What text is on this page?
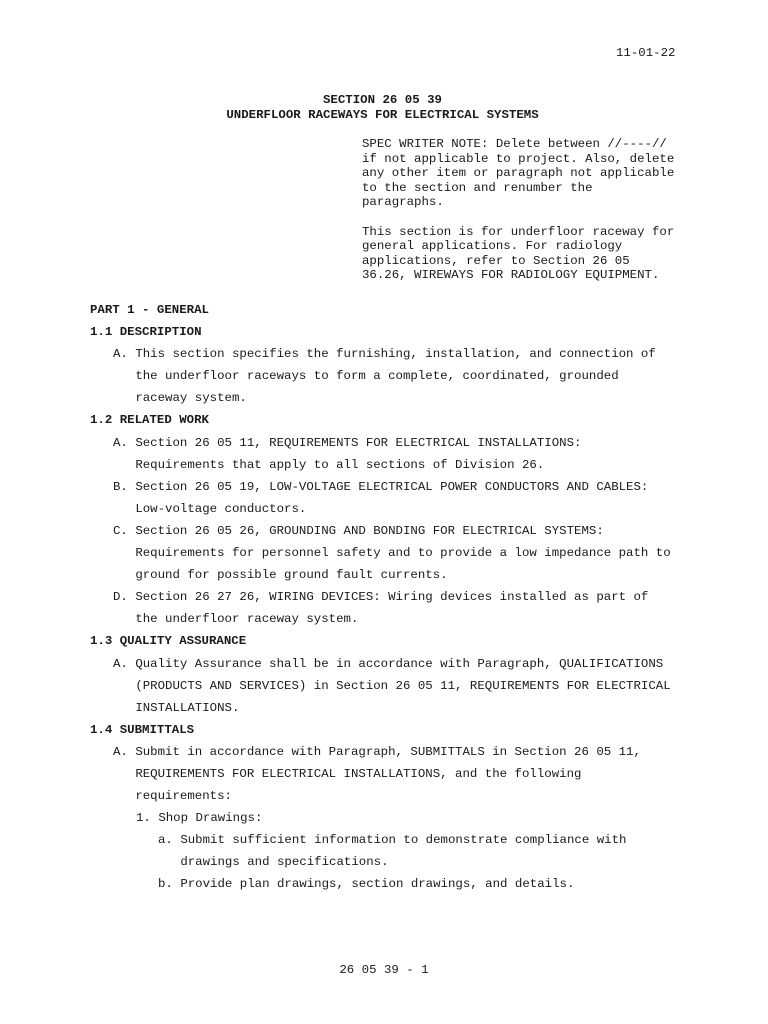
11-01-22
SECTION 26 05 39
UNDERFLOOR RACEWAYS FOR ELECTRICAL SYSTEMS

SPEC WRITER NOTE: Delete between //----//
if not applicable to project. Also, delete
any other item or paragraph not applicable
to the section and renumber the
paragraphs.

This section is for underfloor raceway for
general applications. For radiology
applications, refer to Section 26 05
36.26, WIREWAYS FOR RADIOLOGY EQUIPMENT.

PART 1 - GENERAL
1.1 DESCRIPTION
A. This section specifies the furnishing, installation, and connection of
the underfloor raceways to form a complete, coordinated, grounded
raceway system.
1.2 RELATED WORK
A. Section 26 05 11, REQUIREMENTS FOR ELECTRICAL INSTALLATIONS:
Requirements that apply to all sections of Division 26.
B. Section 26 05 19, LOW-VOLTAGE ELECTRICAL POWER CONDUCTORS AND CABLES:
Low-voltage conductors.
C. Section 26 05 26, GROUNDING AND BONDING FOR ELECTRICAL SYSTEMS:
Requirements for personnel safety and to provide a low impedance path to
ground for possible ground fault currents.
D. Section 26 27 26, WIRING DEVICES: Wiring devices installed as part of
the underfloor raceway system.
1.3 QUALITY ASSURANCE
A. Quality Assurance shall be in accordance with Paragraph, QUALIFICATIONS
(PRODUCTS AND SERVICES) in Section 26 05 11, REQUIREMENTS FOR ELECTRICAL
INSTALLATIONS.
1.4 SUBMITTALS
A. Submit in accordance with Paragraph, SUBMITTALS in Section 26 05 11,
REQUIREMENTS FOR ELECTRICAL INSTALLATIONS, and the following
requirements:
1. Shop Drawings:
a. Submit sufficient information to demonstrate compliance with
drawings and specifications.
b. Provide plan drawings, section drawings, and details.
26 05 39 - 1
